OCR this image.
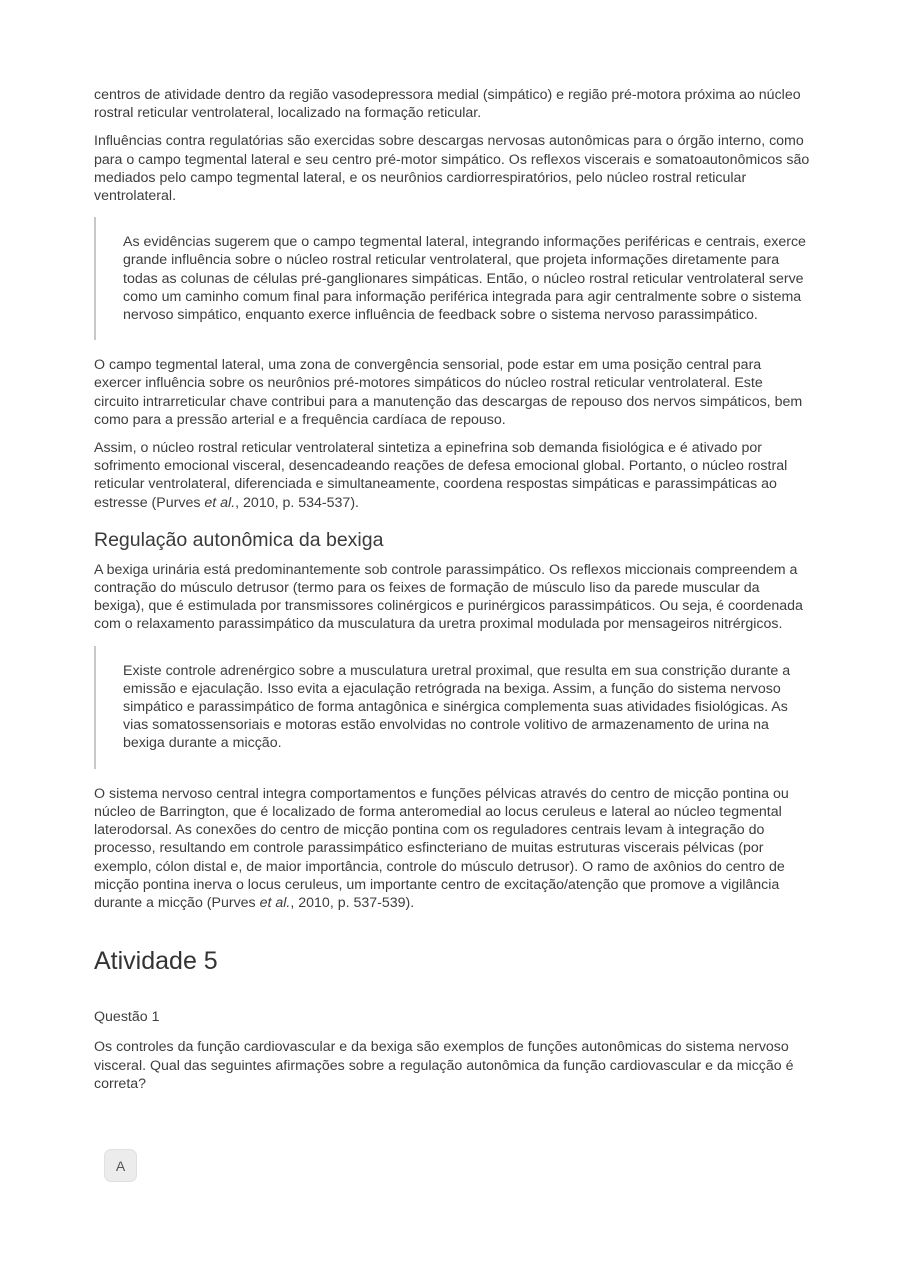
centros de atividade dentro da região vasodepressora medial (simpático) e região pré-motora próxima ao núcleo rostral reticular ventrolateral, localizado na formação reticular.

Influências contra regulatórias são exercidas sobre descargas nervosas autonômicas para o órgão interno, como para o campo tegmental lateral e seu centro pré-motor simpático. Os reflexos viscerais e somatoautonômicos são mediados pelo campo tegmental lateral, e os neurônios cardiorrespiratórios, pelo núcleo rostral reticular ventrolateral.

As evidências sugerem que o campo tegmental lateral, integrando informações periféricas e centrais, exerce grande influência sobre o núcleo rostral reticular ventrolateral, que projeta informações diretamente para todas as colunas de células pré-ganglionares simpáticas. Então, o núcleo rostral reticular ventrolateral serve como um caminho comum final para informação periférica integrada para agir centralmente sobre o sistema nervoso simpático, enquanto exerce influência de feedback sobre o sistema nervoso parassimpático.

O campo tegmental lateral, uma zona de convergência sensorial, pode estar em uma posição central para exercer influência sobre os neurônios pré-motores simpáticos do núcleo rostral reticular ventrolateral. Este circuito intrarreticular chave contribui para a manutenção das descargas de repouso dos nervos simpáticos, bem como para a pressão arterial e a frequência cardíaca de repouso.

Assim, o núcleo rostral reticular ventrolateral sintetiza a epinefrina sob demanda fisiológica e é ativado por sofrimento emocional visceral, desencadeando reações de defesa emocional global. Portanto, o núcleo rostral reticular ventrolateral, diferenciada e simultaneamente, coordena respostas simpáticas e parassimpáticas ao estresse (Purves et al., 2010, p. 534-537).

Regulação autonômica da bexiga

A bexiga urinária está predominantemente sob controle parassimpático. Os reflexos miccionais compreendem a contração do músculo detrusor (termo para os feixes de formação de músculo liso da parede muscular da bexiga), que é estimulada por transmissores colinérgicos e purinérgicos parassimpáticos. Ou seja, é coordenada com o relaxamento parassimpático da musculatura da uretra proximal modulada por mensageiros nitrérgicos.

Existe controle adrenérgico sobre a musculatura uretral proximal, que resulta em sua constrição durante a emissão e ejaculação. Isso evita a ejaculação retrógrada na bexiga. Assim, a função do sistema nervoso simpático e parassimpático de forma antagônica e sinérgica complementa suas atividades fisiológicas. As vias somatossensoriais e motoras estão envolvidas no controle volitivo de armazenamento de urina na bexiga durante a micção.

O sistema nervoso central integra comportamentos e funções pélvicas através do centro de micção pontina ou núcleo de Barrington, que é localizado de forma anteromedial ao locus ceruleus e lateral ao núcleo tegmental laterodorsal. As conexões do centro de micção pontina com os reguladores centrais levam à integração do processo, resultando em controle parassimpático esfincteriano de muitas estruturas viscerais pélvicas (por exemplo, cólon distal e, de maior importância, controle do músculo detrusor). O ramo de axônios do centro de micção pontina inerva o locus ceruleus, um importante centro de excitação/atenção que promove a vigilância durante a micção (Purves et al., 2010, p. 537-539).

Atividade 5

Questão 1

Os controles da função cardiovascular e da bexiga são exemplos de funções autonômicas do sistema nervoso visceral. Qual das seguintes afirmações sobre a regulação autonômica da função cardiovascular e da micção é correta?

A
